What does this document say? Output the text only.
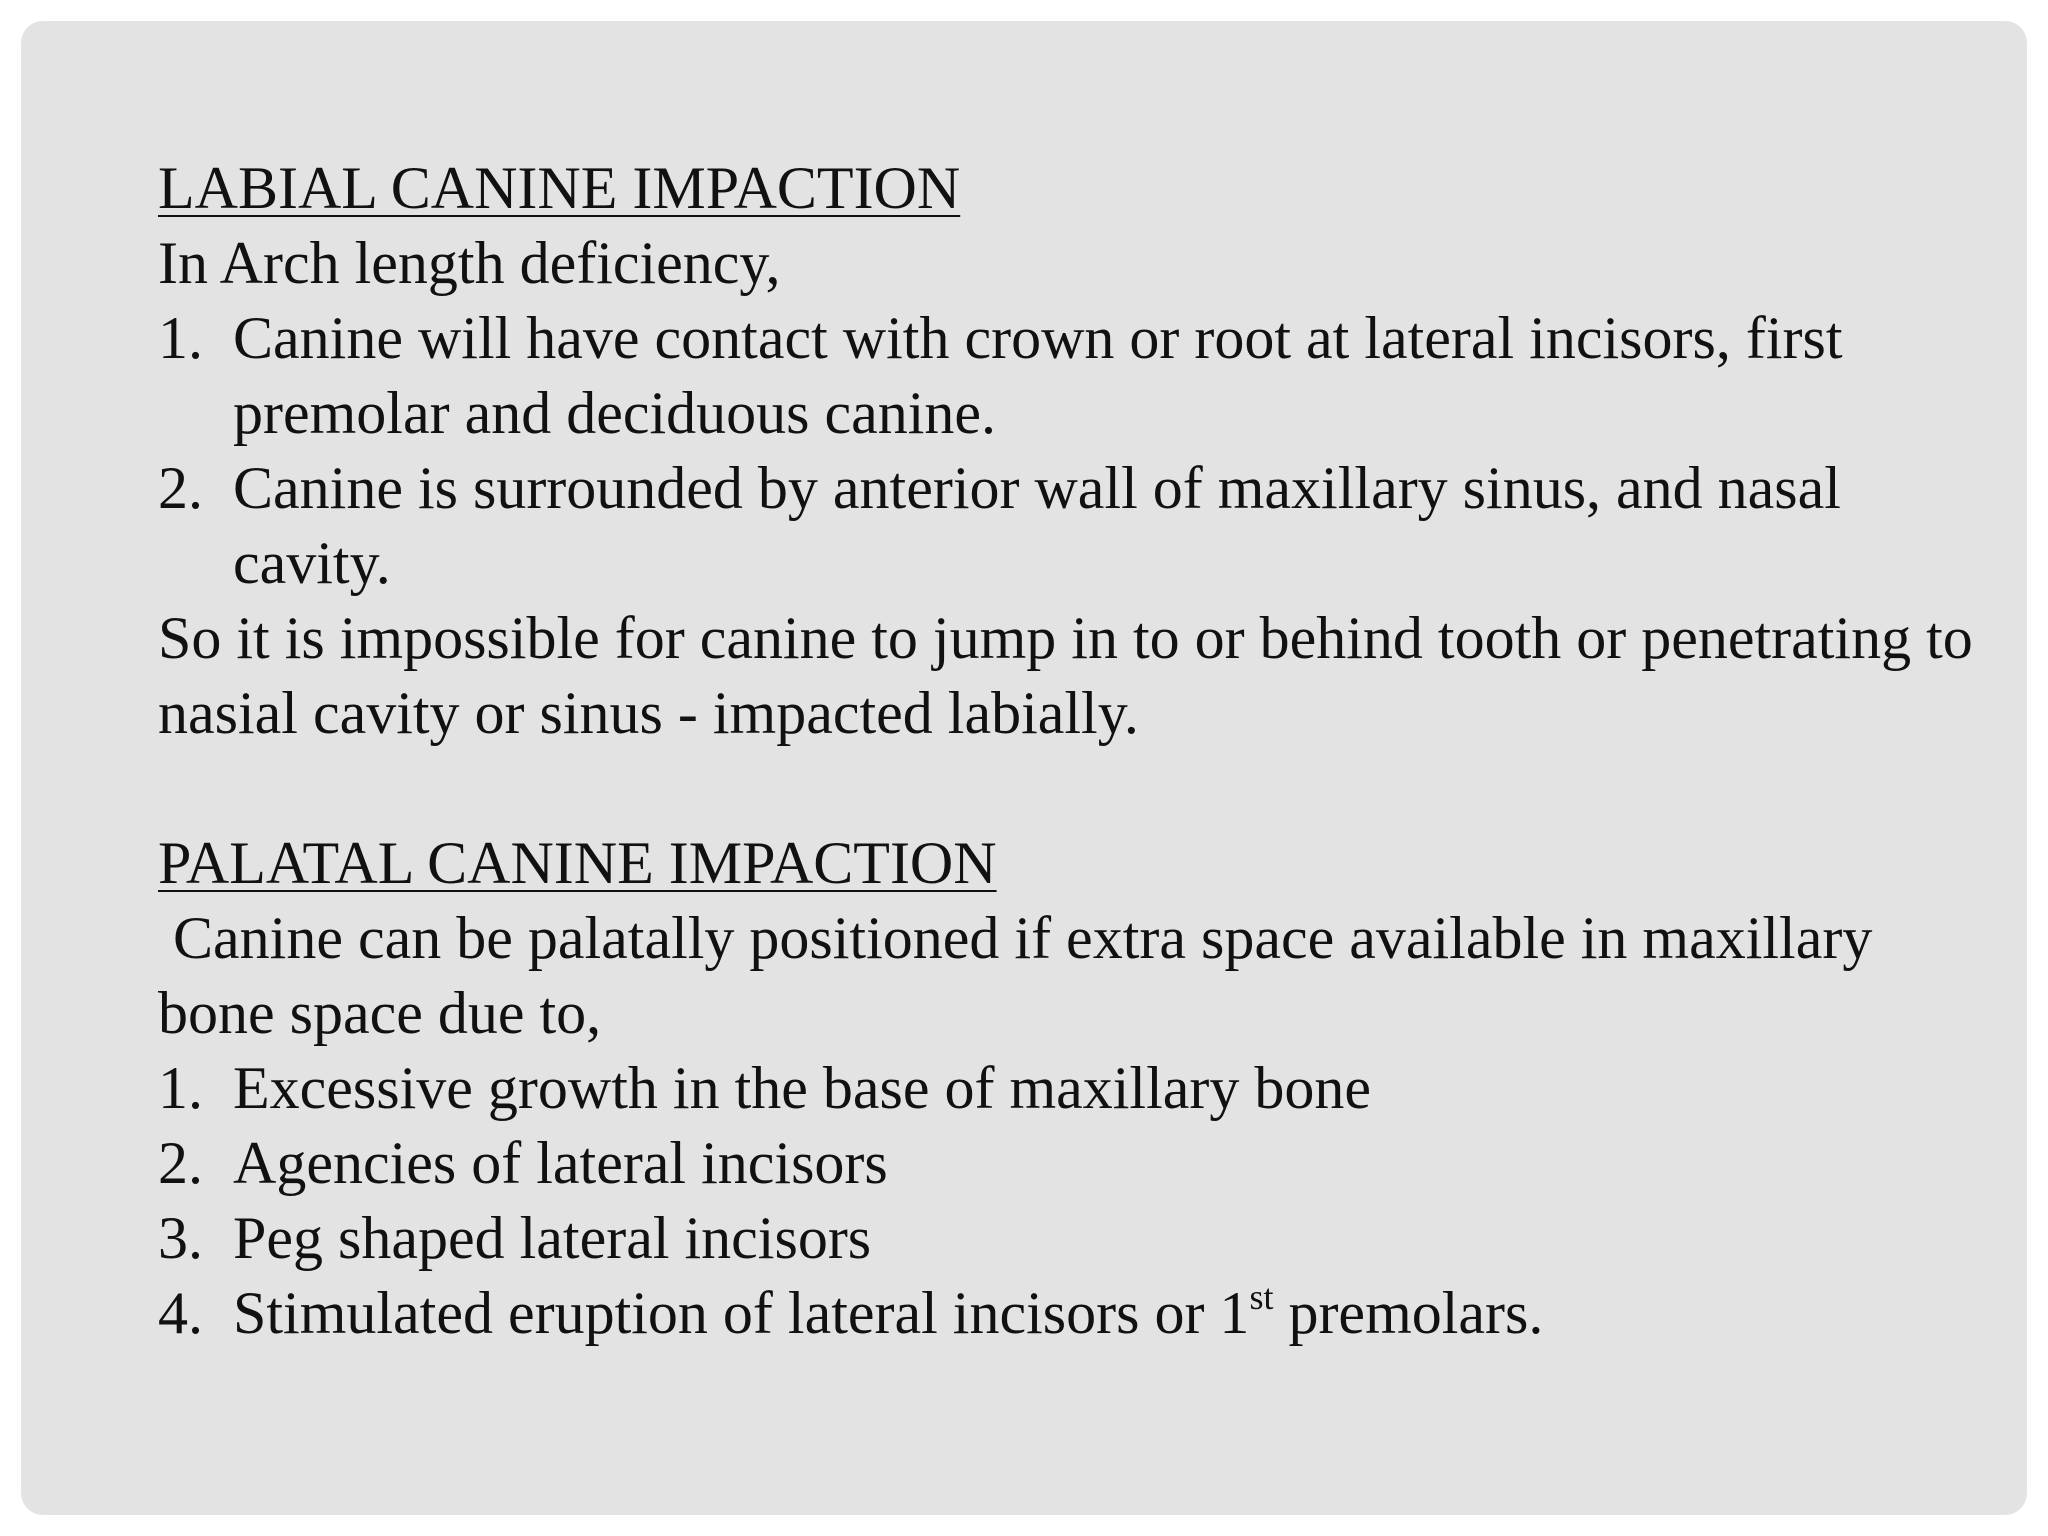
LABIAL CANINE IMPACTION

In Arch length deficiency,

1. Canine will have contact with crown or root at lateral incisors, first premolar and deciduous canine.
2. Canine is surrounded by anterior wall of maxillary sinus, and nasal cavity.

So it is impossible for canine to jump in to or behind tooth or penetrating to nasial cavity or sinus - impacted labially.

PALATAL CANINE IMPACTION

Canine can be palatally positioned if extra space available in maxillary bone space due to,

1. Excessive growth in the base of maxillary bone
2. Agencies of lateral incisors
3. Peg shaped lateral incisors
4. Stimulated eruption of lateral incisors or 1st premolars.
